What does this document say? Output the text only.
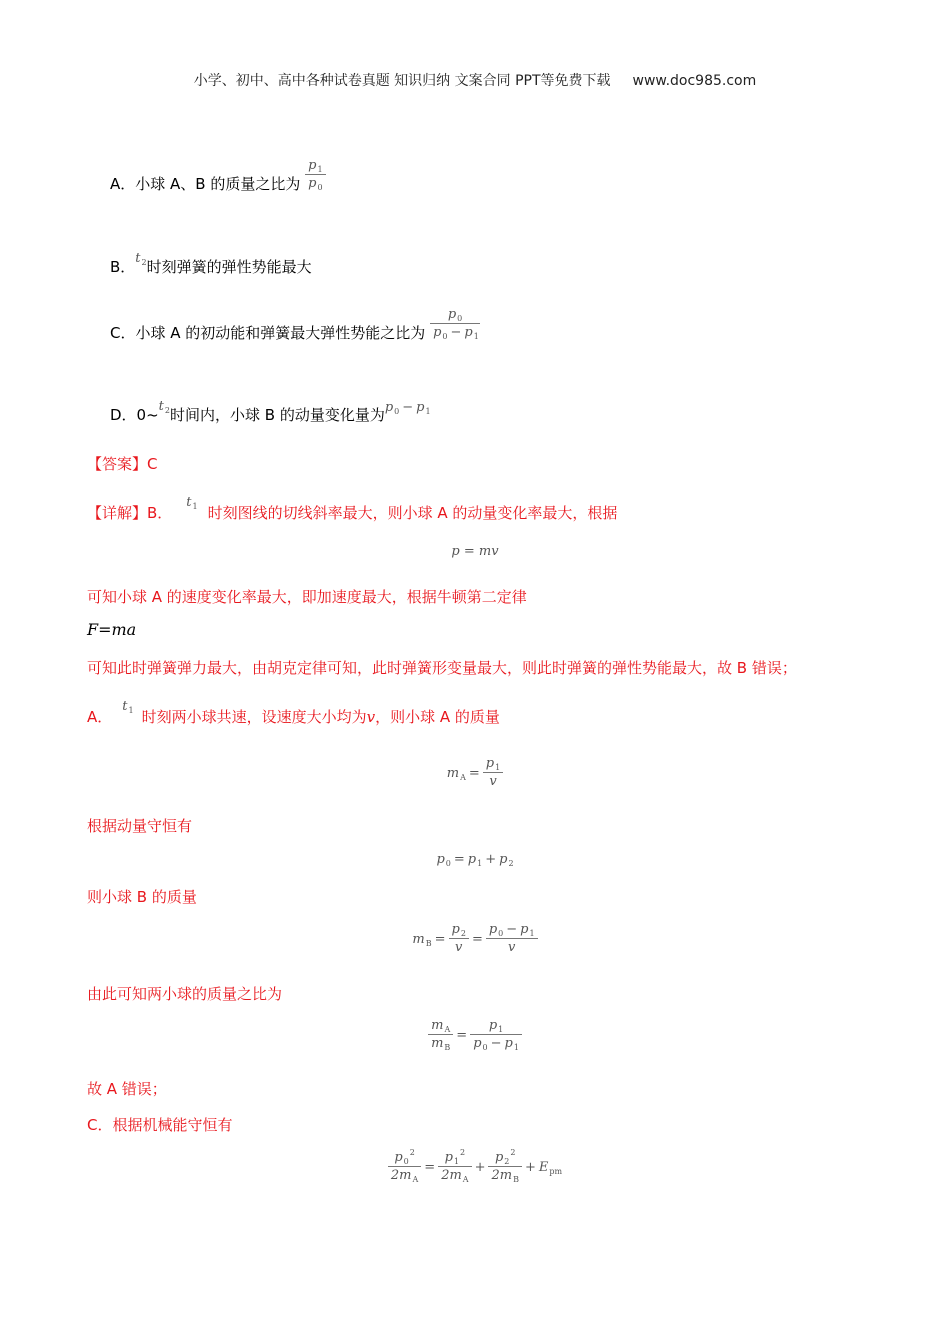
小学、初中、高中各种试卷真题 知识归纳 文案合同 PPT等免费下载 www.doc985.com
A．小球 A、B 的质量之比为 $\frac{p_1}{p_0}$
B．$t_2$时刻弹簧的弹性势能最大
C．小球 A 的初动能和弹簧最大弹性势能之比为 $\frac{p_0}{p_0 - p_1}$
D．$0\sim t_2$时间内，小球 B 的动量变化量为$p_0 - p_1$
【答案】C
【详解】B．$t_1$ 时刻图线的切线斜率最大，则小球 A 的动量变化率最大，根据
p = mv
可知小球 A 的速度变化率最大，即加速度最大，根据牛顿第二定律
F=ma
可知此时弹簧弹力最大，由胡克定律可知，此时弹簧形变量最大，则此时弹簧的弹性势能最大，故 B 错误；
A．$t_1$ 时刻两小球共速，设速度大小均为v，则小球 A 的质量
$m_A = \frac{p_1}{v}$
根据动量守恒有
$p_0 = p_1 + p_2$
则小球 B 的质量
$m_B = \frac{p_2}{v} = \frac{p_0 - p_1}{v}$
由此可知两小球的质量之比为
$\frac{m_A}{m_B} = \frac{p_1}{p_0 - p_1}$
故 A 错误；
C．根据机械能守恒有
$\frac{p_0^2}{2m_A} = \frac{p_1^2}{2m_A} + \frac{p_2^2}{2m_B} + E_{pm}$
